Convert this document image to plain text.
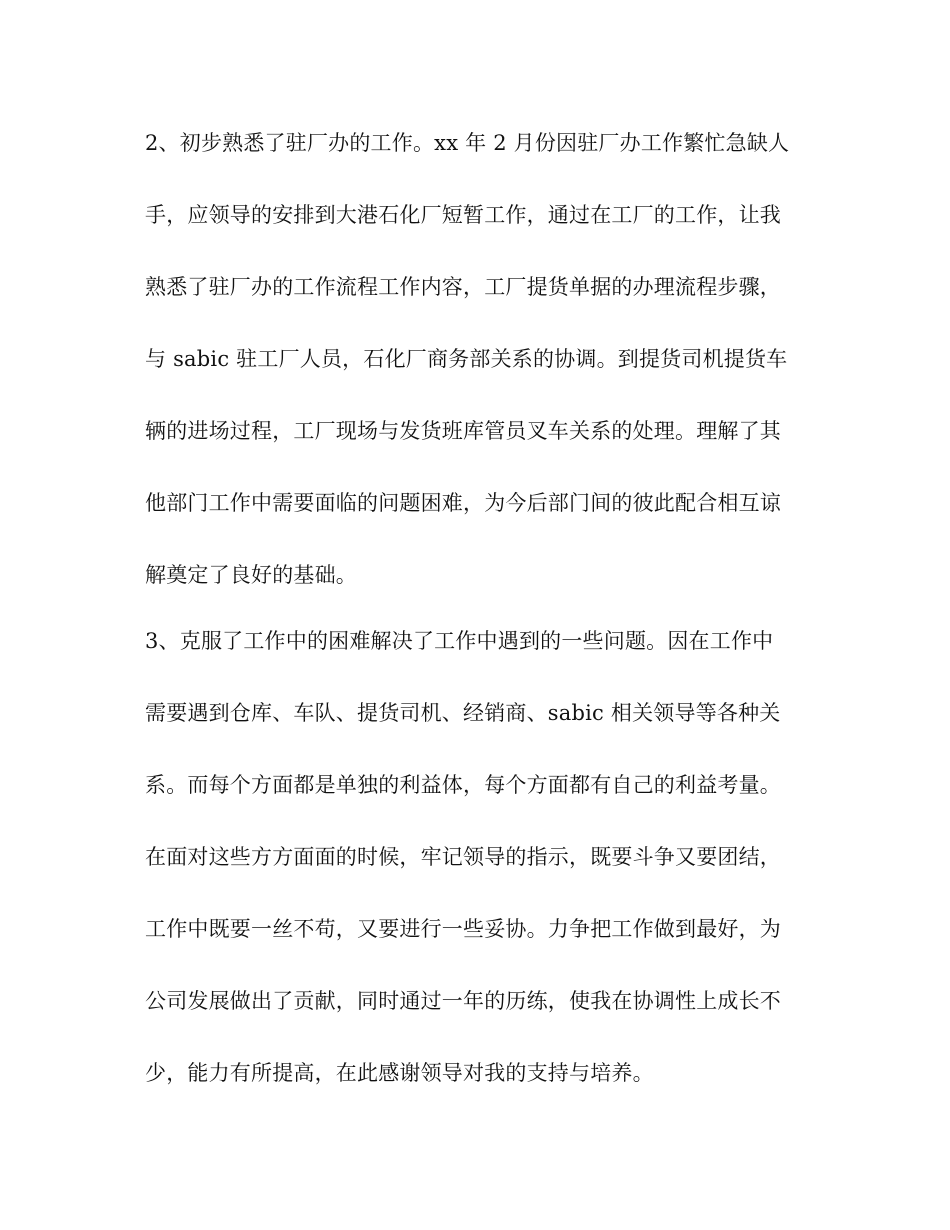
2、初步熟悉了驻厂办的工作。xx 年 2 月份因驻厂办工作繁忙急缺人
手，应领导的安排到大港石化厂短暂工作，通过在工厂的工作，让我
熟悉了驻厂办的工作流程工作内容，工厂提货单据的办理流程步骤，
与 sabic 驻工厂人员，石化厂商务部关系的协调。到提货司机提货车
辆的进场过程，工厂现场与发货班库管员叉车关系的处理。理解了其
他部门工作中需要面临的问题困难，为今后部门间的彼此配合相互谅
解奠定了良好的基础。
3、克服了工作中的困难解决了工作中遇到的一些问题。因在工作中
需要遇到仓库、车队、提货司机、经销商、sabic 相关领导等各种关
系。而每个方面都是单独的利益体，每个方面都有自己的利益考量。
在面对这些方方面面的时候，牢记领导的指示，既要斗争又要团结，
工作中既要一丝不苟，又要进行一些妥协。力争把工作做到最好，为
公司发展做出了贡献，同时通过一年的历练，使我在协调性上成长不
少，能力有所提高，在此感谢领导对我的支持与培养。
